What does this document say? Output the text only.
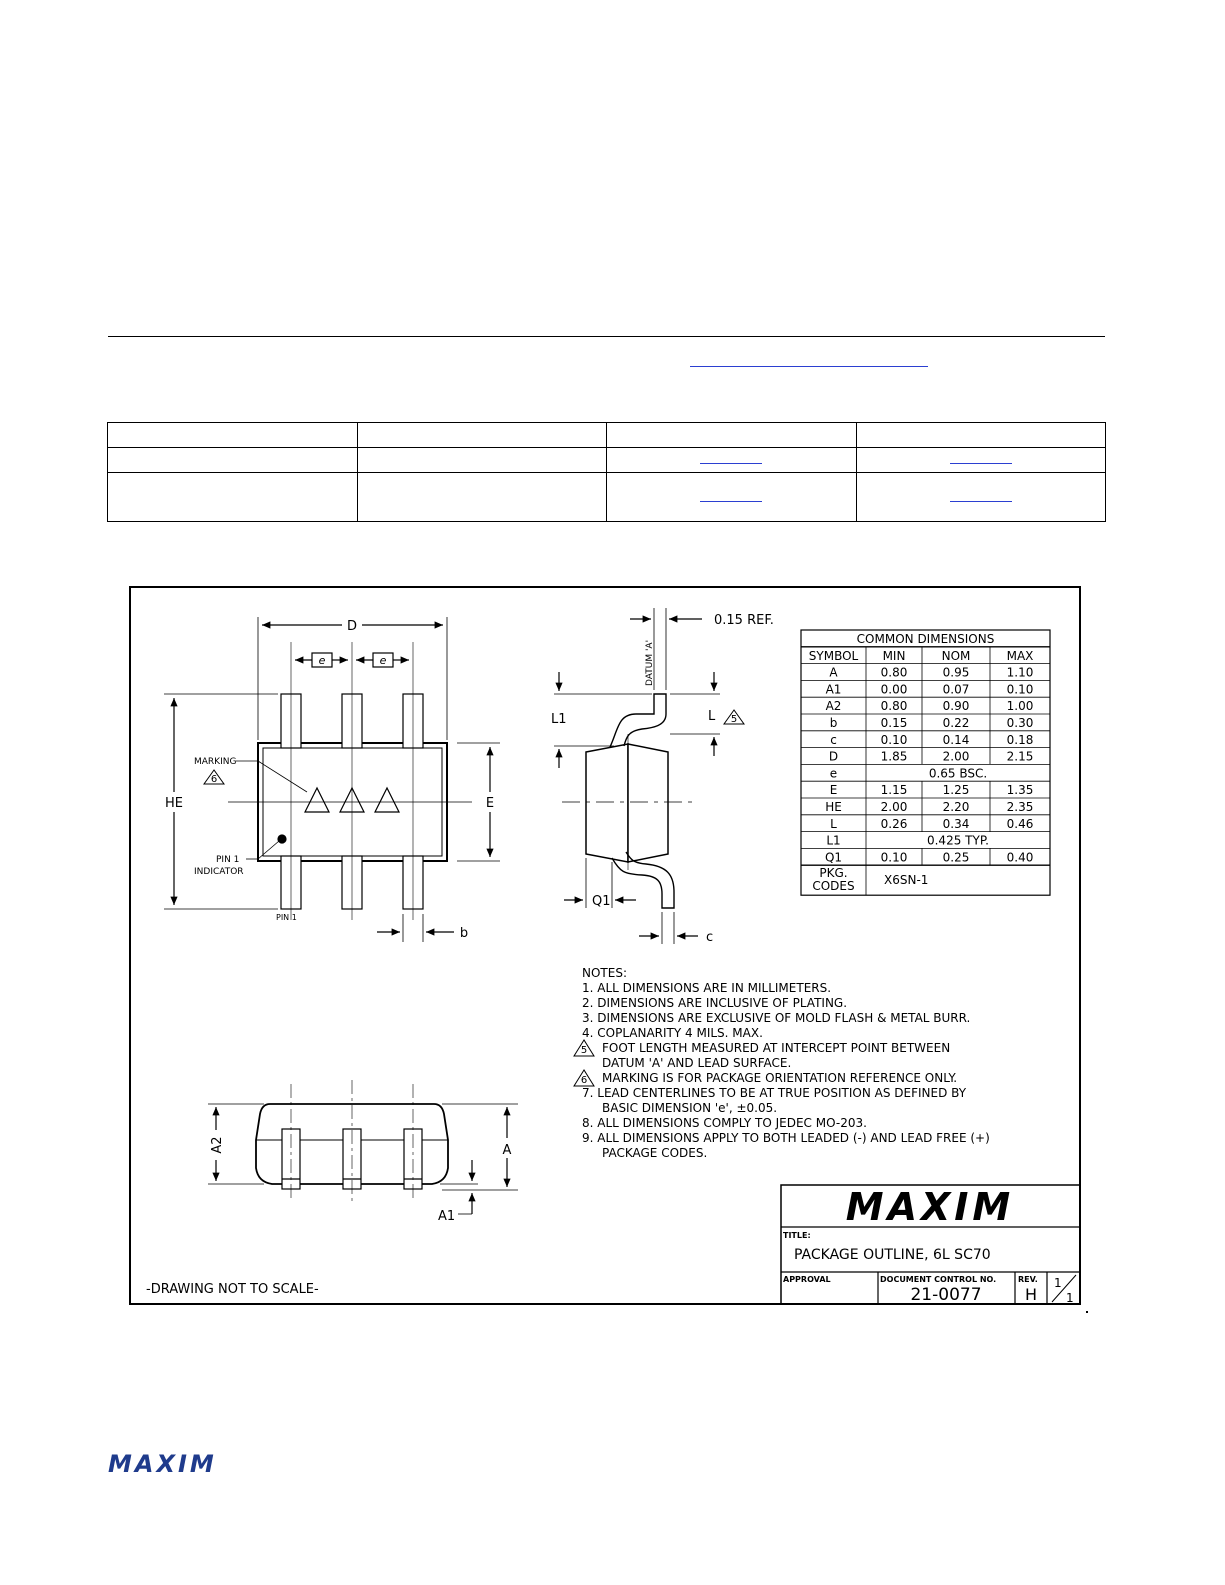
D
e	e
HE	E
b
MARKING
6
PIN 1
INDICATOR
PIN 1
0.15 REF.
DATUM 'A'
L1	L 5
Q1
c
A2	A
A1
COMMON DIMENSIONS
SYMBOL MIN	NOM	MAX
A	0.80	0.95	1.10
A1	0.00	0.07	0.10
A2	0.80	0.90	1.00
b	0.15	0.22	0.30
c	0.10	0.14	0.18
D	1.85	2.00	2.15
e	0.65 BSC.
E	1.15	1.25	1.35
HE	2.00	2.20	2.35
L	0.26	0.34	0.46
L1	0.425 TYP.
Q1	0.10	0.25	0.40
PKG.
CODES X6SN-1
NOTES:
1. ALL DIMENSIONS ARE IN MILLIMETERS.
2. DIMENSIONS ARE INCLUSIVE OF PLATING.
3. DIMENSIONS ARE EXCLUSIVE OF MOLD FLASH & METAL BURR.
4. COPLANARITY 4 MILS. MAX.
FOOT LENGTH MEASURED AT INTERCEPT POINT BETWEEN
DATUM 'A' AND LEAD SURFACE.
MARKING IS FOR PACKAGE ORIENTATION REFERENCE ONLY.
7. LEAD CENTERLINES TO BE AT TRUE POSITION AS DEFINED BY
BASIC DIMENSION 'e', ±0.05.
8. ALL DIMENSIONS COMPLY TO JEDEC MO-203.
9. ALL DIMENSIONS APPLY TO BOTH LEADED (-) AND LEAD FREE (+)
PACKAGE CODES.
5
6
MAXIM
TITLE:
PACKAGE OUTLINE, 6L SC70
APPROVAL	DOCUMENT CONTROL NO.
21-0077
REV.
H
1
1
-DRAWING NOT TO SCALE-
MAXIM
